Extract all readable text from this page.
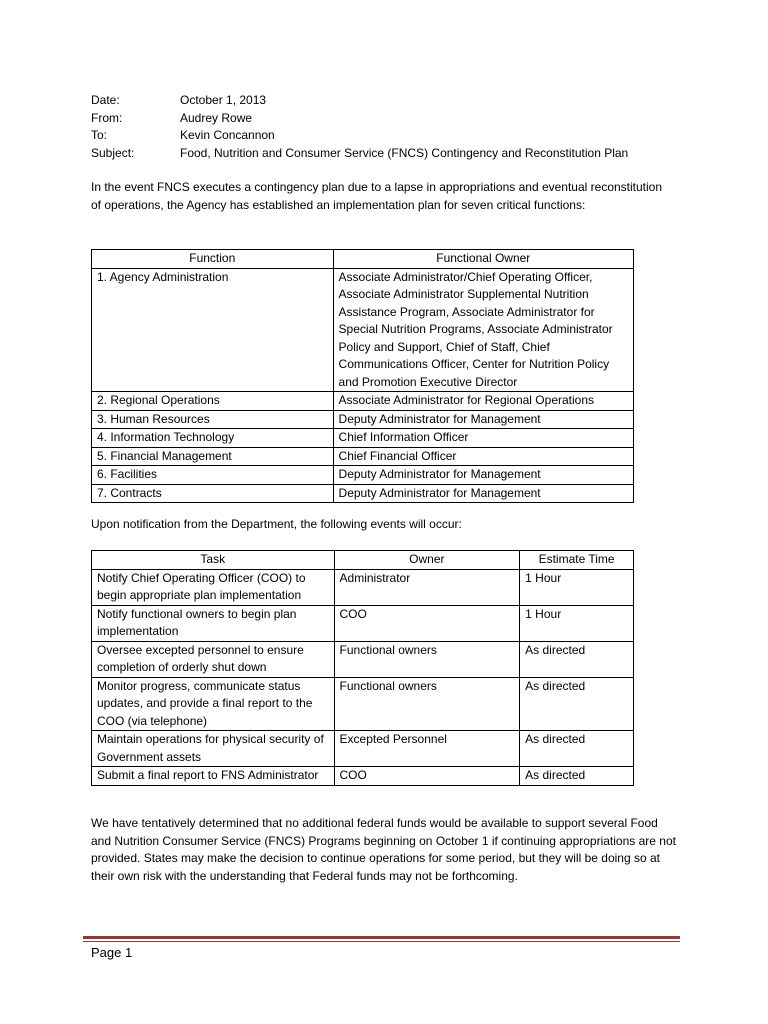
Date:	October 1, 2013
From:	Audrey Rowe
To:	Kevin Concannon
Subject:	Food, Nutrition and Consumer Service (FNCS) Contingency and Reconstitution Plan
In the event FNCS executes a contingency plan due to a lapse in appropriations and eventual reconstitution of operations, the Agency has established an implementation plan for seven critical functions:
Function	Functional Owner
1. Agency Administration	Associate Administrator/Chief Operating Officer, Associate Administrator Supplemental Nutrition Assistance Program, Associate Administrator for Special Nutrition Programs, Associate Administrator Policy and Support, Chief of Staff, Chief Communications Officer, Center for Nutrition Policy and Promotion Executive Director
2. Regional Operations	Associate Administrator for Regional Operations
3. Human Resources	Deputy Administrator for Management
4. Information Technology	Chief Information Officer
5. Financial Management	Chief Financial Officer
6. Facilities	Deputy Administrator for Management
7. Contracts	Deputy Administrator for Management
Upon notification from the Department, the following events will occur:
Task	Owner	Estimate Time
Notify Chief Operating Officer (COO) to begin appropriate plan implementation	Administrator	1 Hour
Notify functional owners to begin plan implementation	COO	1 Hour
Oversee excepted personnel to ensure completion of orderly shut down	Functional owners	As directed
Monitor progress, communicate status updates, and provide a final report to the COO (via telephone)	Functional owners	As directed
Maintain operations for physical security of Government assets	Excepted Personnel	As directed
Submit a final report to FNS Administrator	COO	As directed
We have tentatively determined that no additional federal funds would be available to support several Food and Nutrition Consumer Service (FNCS) Programs beginning on October 1 if continuing appropriations are not provided. States may make the decision to continue operations for some period, but they will be doing so at their own risk with the understanding that Federal funds may not be forthcoming.
Page 1
